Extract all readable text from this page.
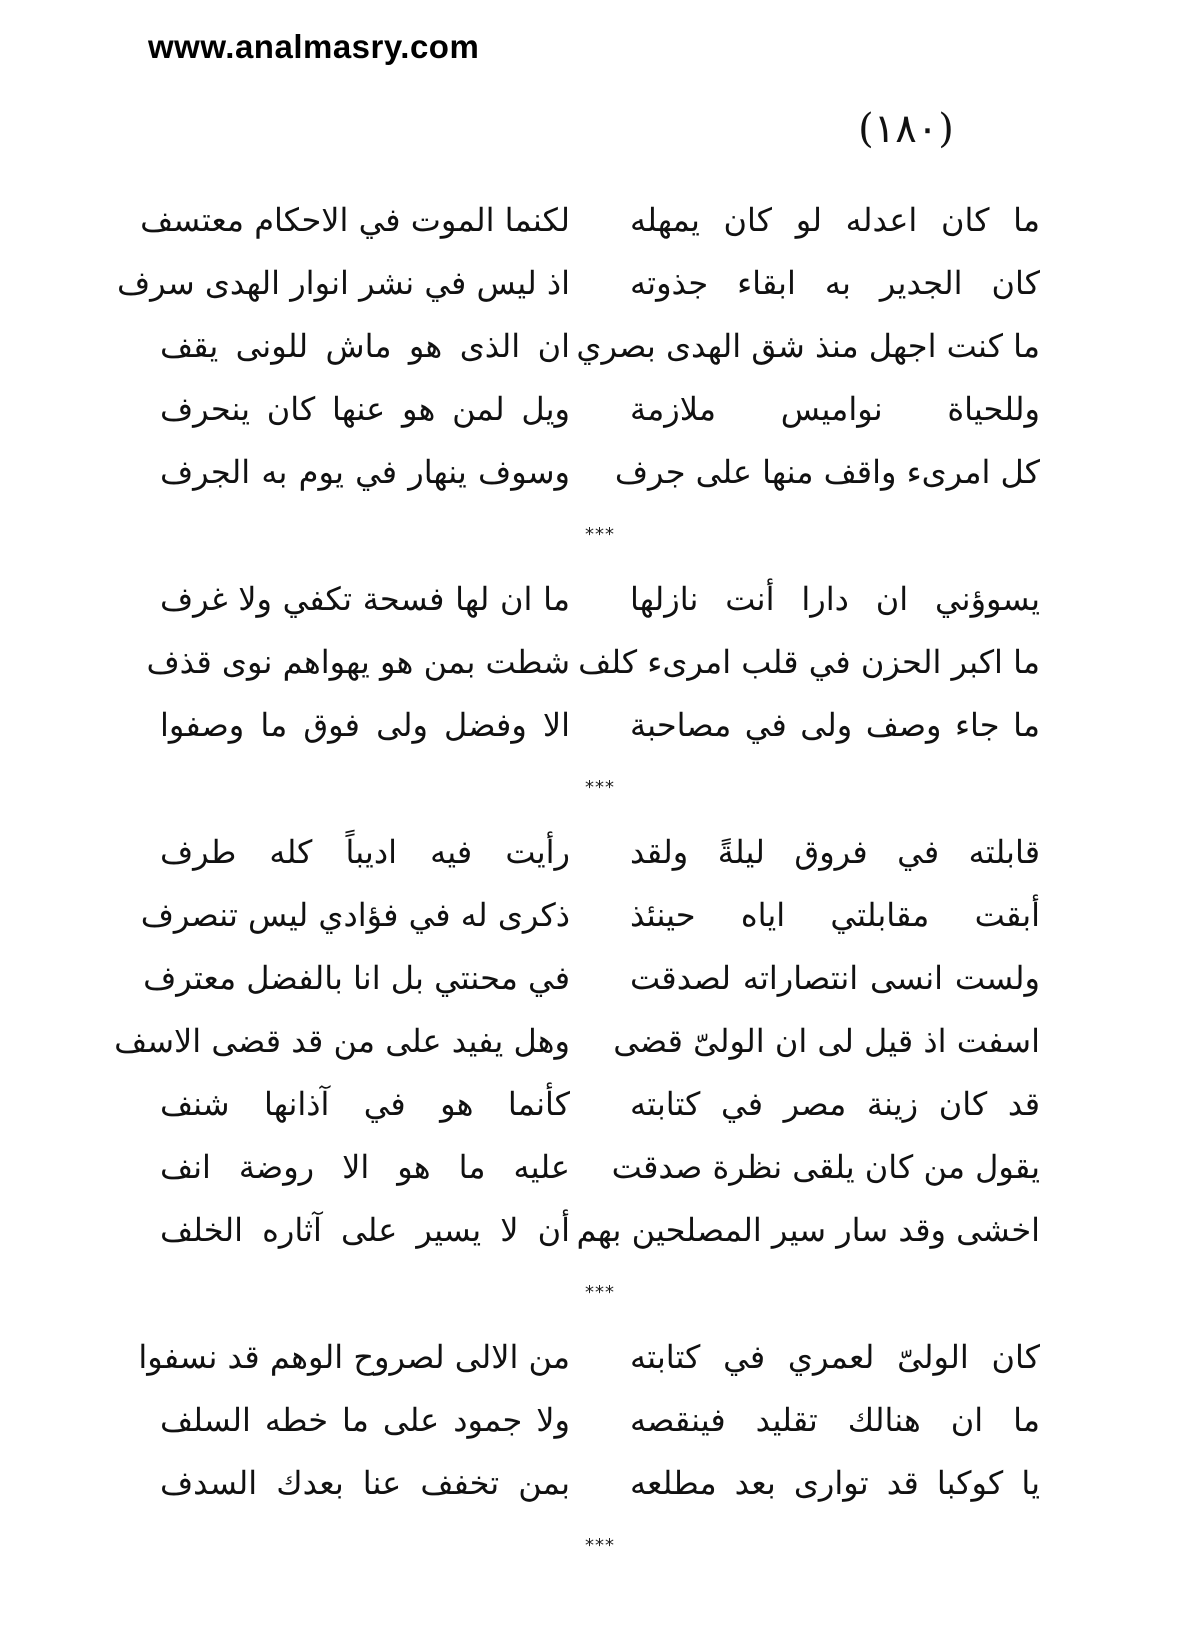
www.analmasry.com
(١٨٠)
ما كان اعدله لو كان يمهله
لكنما الموت في الاحكام معتسف
كان الجدير به ابقاء جذوته
اذ ليس في نشر انوار الهدى سرف
ما كنت اجهل منذ شق الهدى بصري
ان الذى هو ماش للونى يقف
وللحياة نواميس ملازمة
ويل لمن هو عنها كان ينحرف
كل امرىء واقف منها على جرف
وسوف ينهار في يوم به الجرف
***
يسوؤني ان دارا أنت نازلها
ما ان لها فسحة تكفي ولا غرف
ما اكبر الحزن في قلب امرىء كلف
شطت بمن هو يهواهم نوى قذف
ما جاء وصف ولى في مصاحبة
الا وفضل ولى فوق ما وصفوا
***
قابلته في فروق ليلةً ولقد
رأيت فيه اديباً كله طرف
أبقت مقابلتي اياه حينئذ
ذكرى له في فؤادي ليس تنصرف
ولست انسى انتصاراته لصدقت
في محنتي بل انا بالفضل معترف
اسفت اذ قيل لى ان الولىّ قضى
وهل يفيد على من قد قضى الاسف
قد كان زينة مصر في كتابته
كأنما هو في آذانها شنف
يقول من كان يلقى نظرة صدقت
عليه ما هو الا روضة انف
اخشى وقد سار سير المصلحين بهم
أن لا يسير على آثاره الخلف
***
كان الولىّ لعمري في كتابته
من الالى لصروح الوهم قد نسفوا
ما ان هنالك تقليد فينقصه
ولا جمود على ما خطه السلف
يا كوكبا قد توارى بعد مطلعه
بمن تخفف عنا بعدك السدف
***
